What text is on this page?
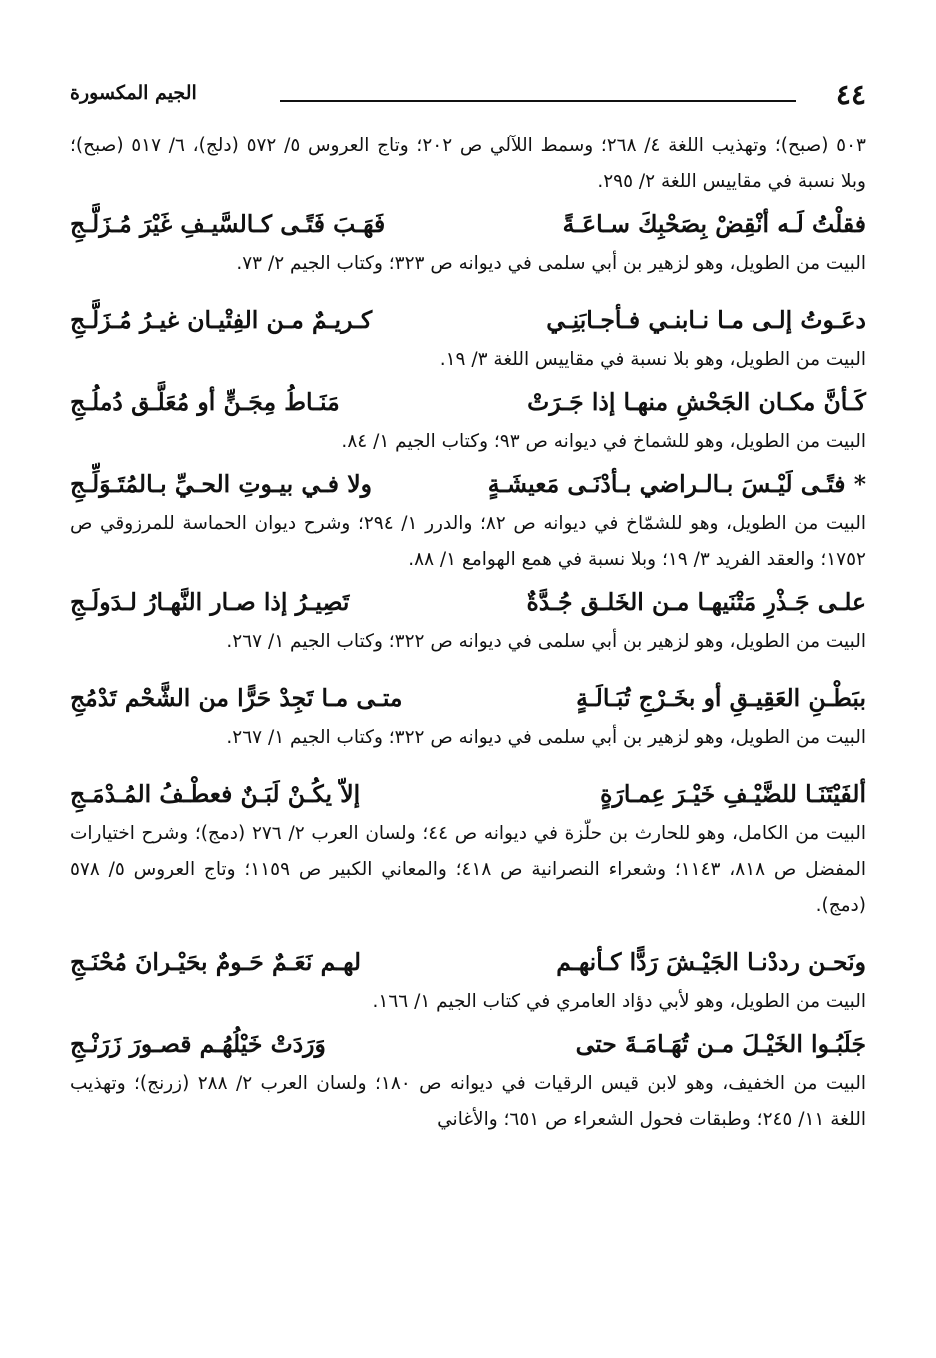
٤٤
الجيم المكسورة

٥٠٣ (صبح)؛ وتهذيب اللغة ٤/ ٢٦٨؛ وسمط اللآلي ص ٢٠٢؛ وتاج العروس ٥/ ٥٧٢ (دلج)، ٦/ ٥١٧ (صبح)؛ وبلا نسبة في مقاييس اللغة ٢/ ٢٩٥.

فقلْتُ لَـه أنْقِضْ بِصَحْبِكَ سـاعَـةً
فَهَـبَ فَتًـى كـالسَّيـفِ غَيْرَ مُـزَلَّـجِ

البيت من الطويل، وهو لزهير بن أبي سلمى في ديوانه ص ٣٢٣؛ وكتاب الجيم ٢/ ٧٣.

دعَـوتُ إلـى مـا نـابنـي فـأجـابَنِـي
كـريـمٌ مـن الفِتْيـان غيـرُ مُـزَلَّـجِ

البيت من الطويل، وهو بلا نسبة في مقاييس اللغة ٣/ ١٩.

كَـأنَّ مكـان الجَحْشِ منهـا إذا جَـرَتْ
مَنَـاطُ مِجَـنٍّ أو مُعَلَّـق دُملُـجِ

البيت من الطويل، وهو للشماخ في ديوانه ص ٩٣؛ وكتاب الجيم ١/ ٨٤.

* فتًـى لَيْـسَ بـالـراضي بـأدْنَـى مَعيشَـةٍ
ولا فـي بيـوتِ الحـيِّ بـالمُتَـوَلِّـجِ

البيت من الطويل، وهو للشمّاخ في ديوانه ص ٨٢؛ والدرر ١/ ٢٩٤؛ وشرح ديوان الحماسة للمرزوقي ص ١٧٥٢؛ والعقد الفريد ٣/ ١٩؛ وبلا نسبة في همع الهوامع ١/ ٨٨.

علـى جَـذْرِ مَتْنَيهـا مـن الخَلـق جُـدَّةٌ
تَصِيـرُ إذا صـار النَّهـارُ لـدَولَـجِ

البيت من الطويل، وهو لزهير بن أبي سلمى في ديوانه ص ٣٢٢؛ وكتاب الجيم ١/ ٢٦٧.

ببَطْـنِ العَقِيـقِ أو بخَـرْجِ تُبَـالَـةٍ
متـى مـا تَجِدْ حَرًّا من الشَّحْم تَدْمُجِ

البيت من الطويل، وهو لزهير بن أبي سلمى في ديوانه ص ٣٢٢؛ وكتاب الجيم ١/ ٢٦٧.

ألفَيْتَنَـا للضَّيْـفِ خَيْـرَ عِمـارَةٍ
إلاّ يكُـنْ لَبَـنٌ فعطْـفُ المُـدْمَـجِ

البيت من الكامل، وهو للحارث بن حلّزة في ديوانه ص ٤٤؛ ولسان العرب ٢/ ٢٧٦ (دمج)؛ وشرح اختيارات المفضل ص ٨١٨، ١١٤٣؛ وشعراء النصرانية ص ٤١٨؛ والمعاني الكبير ص ١١٥٩؛ وتاج العروس ٥/ ٥٧٨ (دمج).

ونَحـن رددْنـا الجَيْـشَ رَدًّا كـأنهـم
لهـم نَعَـمٌ حَـومٌ بحَيْـرانَ مُحْنَـجِ

البيت من الطويل، وهو لأبي دؤاد العامري في كتاب الجيم ١/ ١٦٦.

جَلَبُـوا الخَيْـلَ مـن تُهَـامَـةَ حتى
وَرَدَتْ خَيْلُهُـم قصـورَ زَرَنْـجِ

البيت من الخفيف، وهو لابن قيس الرقيات في ديوانه ص ١٨٠؛ ولسان العرب ٢/ ٢٨٨ (زرنج)؛ وتهذيب اللغة ١١/ ٢٤٥؛ وطبقات فحول الشعراء ص ٦٥١؛ والأغاني
